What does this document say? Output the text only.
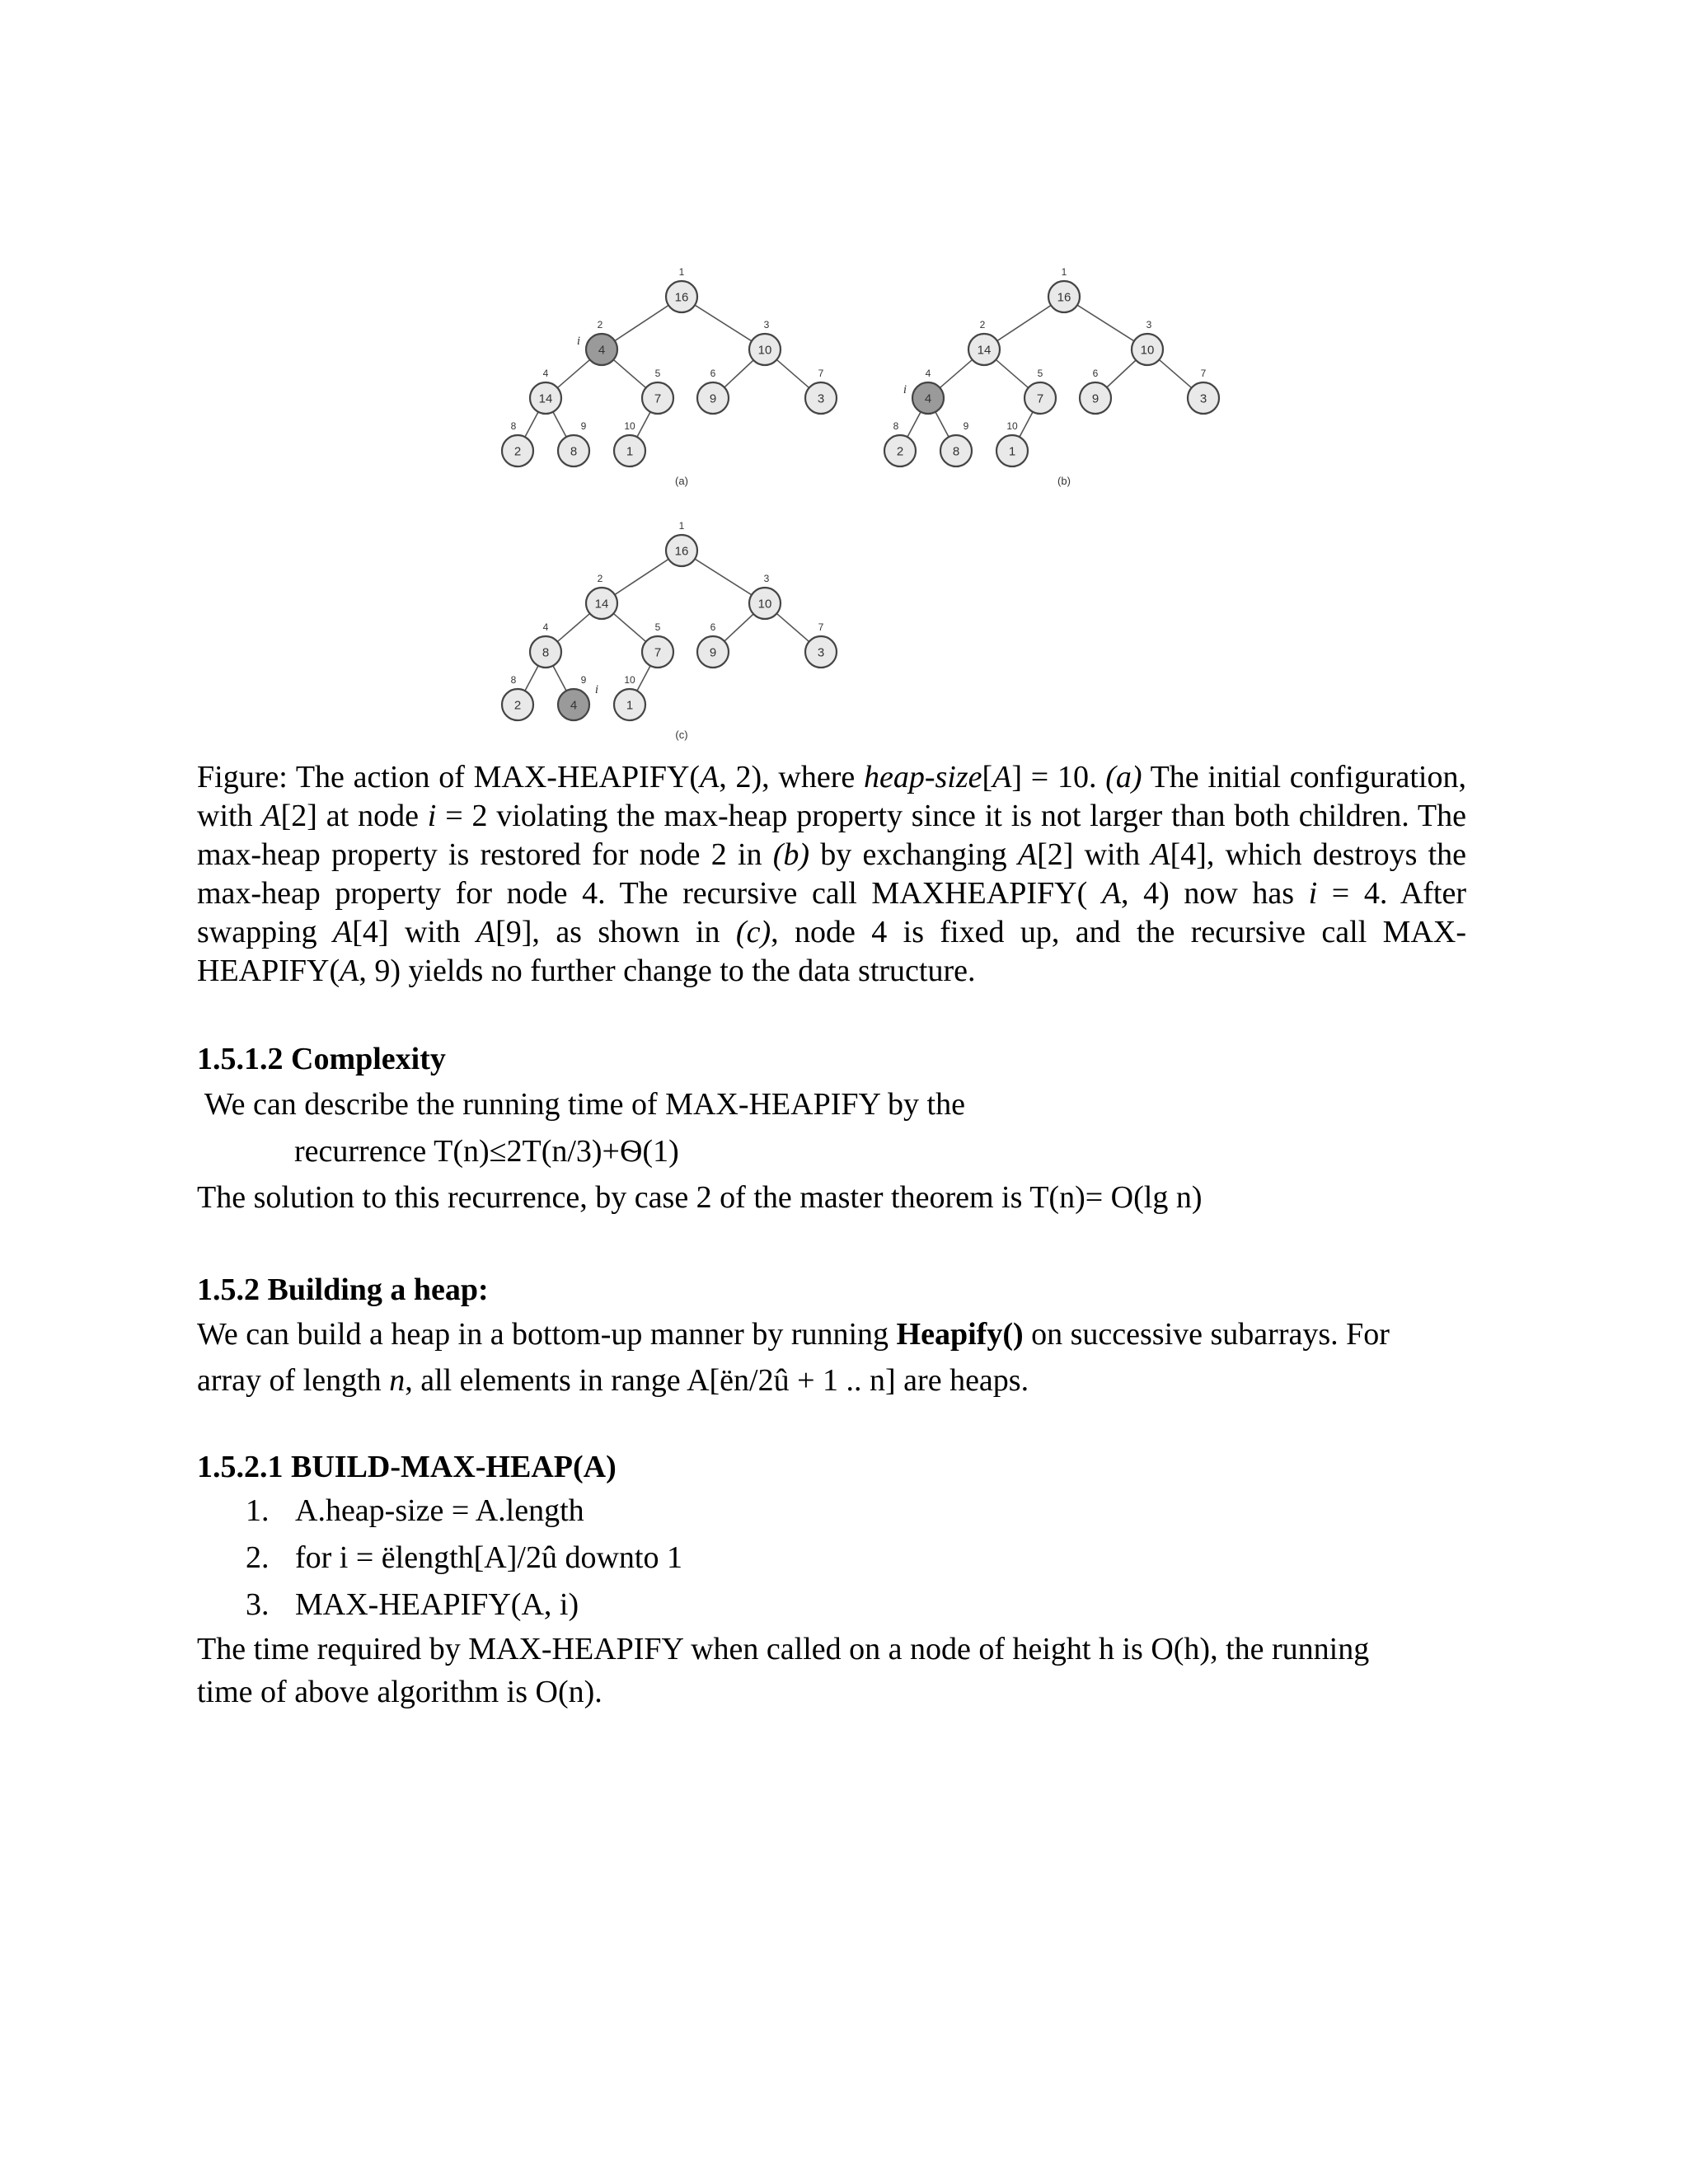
16
1
4
2
i
10
3
14
4
7
5
9
6
3
7
2
8
8
9
1
10
(a)
16
1
14
2
10
3
4
4
i
7
5
9
6
3
7
2
8
8
9
1
10
(b)
16
1
14
2
10
3
8
4
7
5
9
6
3
7
2
8
4
9
i
1
10
(c)
Figure: The action of MAX-HEAPIFY(A, 2), where heap-size[A] = 10. (a) The initial configuration, with A[2] at node i = 2 violating the max-heap property since it is not larger than both children. The max-heap property is restored for node 2 in (b) by exchanging A[2] with A[4], which destroys the max-heap property for node 4. The recursive call MAXHEAPIFY( A, 4) now has i = 4. After swapping A[4] with A[9], as shown in (c), node 4 is fixed up, and the recursive call MAX-HEAPIFY(A, 9) yields no further change to the data structure.
1.5.1.2 Complexity
We can describe the running time of MAX-HEAPIFY by the
recurrence T(n)≤2T(n/3)+Ѳ(1)
The solution to this recurrence, by case 2 of the master theorem is T(n)= O(lg n)
1.5.2 Building a heap:
We can build a heap in a bottom-up manner by running Heapify() on successive subarrays. For
array of length n, all elements in range A[ën/2û + 1 .. n] are heaps.
1.5.2.1 BUILD-MAX-HEAP(A)
1. A.heap-size = A.length
2. for i = ëlength[A]/2û downto 1
3. MAX-HEAPIFY(A, i)
The time required by MAX-HEAPIFY when called on a node of height h is O(h), the running
time of above algorithm is O(n).
